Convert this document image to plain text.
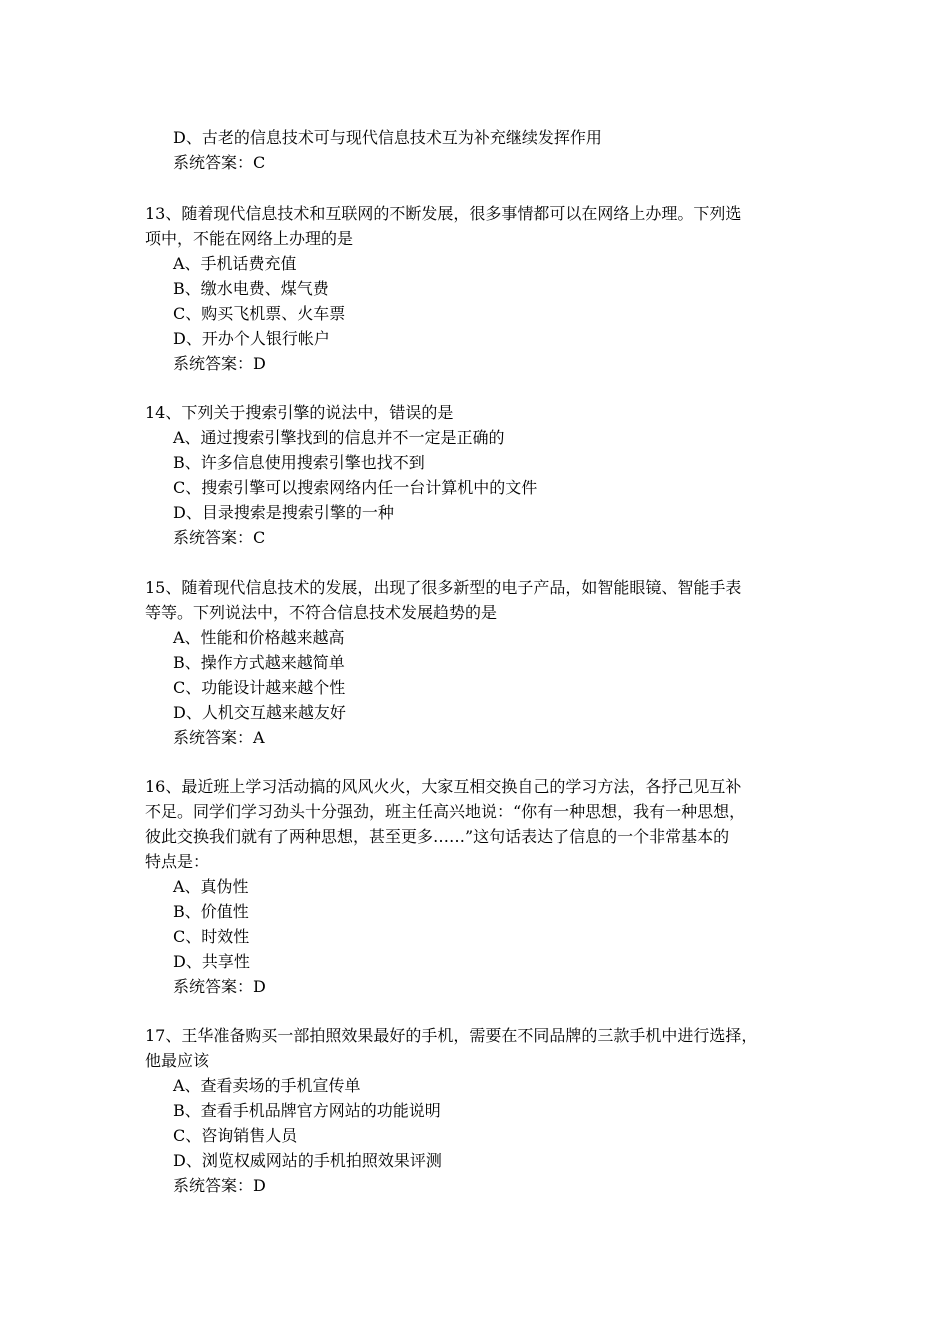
D、古老的信息技术可与现代信息技术互为补充继续发挥作用
系统答案：C
13、随着现代信息技术和互联网的不断发展，很多事情都可以在网络上办理。下列选
项中，不能在网络上办理的是
A、手机话费充值
B、缴水电费、煤气费
C、购买飞机票、火车票
D、开办个人银行帐户
系统答案：D
14、下列关于搜索引擎的说法中，错误的是
A、通过搜索引擎找到的信息并不一定是正确的
B、许多信息使用搜索引擎也找不到
C、搜索引擎可以搜索网络内任一台计算机中的文件
D、目录搜索是搜索引擎的一种
系统答案：C
15、随着现代信息技术的发展，出现了很多新型的电子产品，如智能眼镜、智能手表
等等。下列说法中，不符合信息技术发展趋势的是
A、性能和价格越来越高
B、操作方式越来越简单
C、功能设计越来越个性
D、人机交互越来越友好
系统答案：A
16、最近班上学习活动搞的风风火火，大家互相交换自己的学习方法，各抒己见互补
不足。同学们学习劲头十分强劲，班主任高兴地说：“你有一种思想，我有一种思想，
彼此交换我们就有了两种思想，甚至更多……”这句话表达了信息的一个非常基本的
特点是：
A、真伪性
B、价值性
C、时效性
D、共享性
系统答案：D
17、王华准备购买一部拍照效果最好的手机，需要在不同品牌的三款手机中进行选择，
他最应该
A、查看卖场的手机宣传单
B、查看手机品牌官方网站的功能说明
C、咨询销售人员
D、浏览权威网站的手机拍照效果评测
系统答案：D
